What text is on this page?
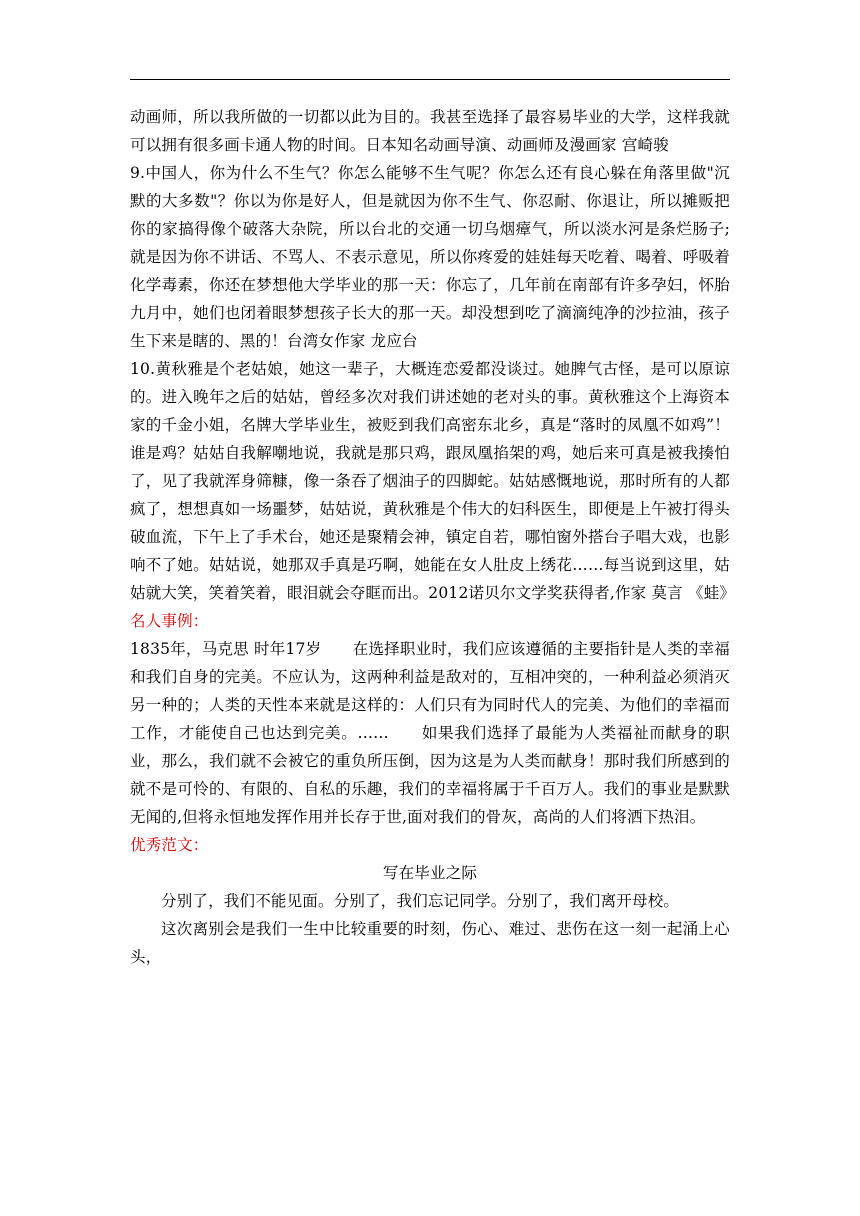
动画师，所以我所做的一切都以此为目的。我甚至选择了最容易毕业的大学，这样我就可以拥有很多画卡通人物的时间。日本知名动画导演、动画师及漫画家 宫崎骏

9.中国人，你为什么不生气？你怎么能够不生气呢？你怎么还有良心躲在角落里做"沉默的大多数"？你以为你是好人，但是就因为你不生气、你忍耐、你退让，所以摊贩把你的家搞得像个破落大杂院，所以台北的交通一切乌烟瘴气，所以淡水河是条烂肠子;就是因为你不讲话、不骂人、不表示意见，所以你疼爱的娃娃每天吃着、喝着、呼吸着化学毒素，你还在梦想他大学毕业的那一天：你忘了，几年前在南部有许多孕妇，怀胎九月中，她们也闭着眼梦想孩子长大的那一天。却没想到吃了滴滴纯净的沙拉油，孩子生下来是瞎的、黑的！台湾女作家 龙应台

10.黄秋雅是个老姑娘，她这一辈子，大概连恋爱都没谈过。她脾气古怪，是可以原谅的。进入晚年之后的姑姑，曾经多次对我们讲述她的老对头的事。黄秋雅这个上海资本家的千金小姐，名牌大学毕业生，被贬到我们高密东北乡，真是“落时的凤凰不如鸡”！谁是鸡？姑姑自我解嘲地说，我就是那只鸡，跟凤凰掐架的鸡，她后来可真是被我揍怕了，见了我就浑身筛糠，像一条吞了烟油子的四脚蛇。姑姑感慨地说，那时所有的人都疯了，想想真如一场噩梦，姑姑说，黄秋雅是个伟大的妇科医生，即便是上午被打得头破血流，下午上了手术台，她还是聚精会神，镇定自若，哪怕窗外搭台子唱大戏，也影响不了她。姑姑说，她那双手真是巧啊，她能在女人肚皮上绣花……每当说到这里，姑姑就大笑，笑着笑着，眼泪就会夺眶而出。2012诺贝尔文学奖获得者,作家 莫言 《蛙》

名人事例：

1835年，马克思 时年17岁　　在选择职业时，我们应该遵循的主要指针是人类的幸福和我们自身的完美。不应认为，这两种利益是敌对的，互相冲突的，一种利益必须消灭另一种的；人类的天性本来就是这样的：人们只有为同时代人的完美、为他们的幸福而工作，才能使自己也达到完美。……　　如果我们选择了最能为人类福祉而献身的职业，那么，我们就不会被它的重负所压倒，因为这是为人类而献身！那时我们所感到的就不是可怜的、有限的、自私的乐趣，我们的幸福将属于千百万人。我们的事业是默默无闻的,但将永恒地发挥作用并长存于世,面对我们的骨灰，高尚的人们将洒下热泪。

优秀范文：

写在毕业之际

分别了，我们不能见面。分别了，我们忘记同学。分别了，我们离开母校。

这次离别会是我们一生中比较重要的时刻，伤心、难过、悲伤在这一刻一起涌上心头，
